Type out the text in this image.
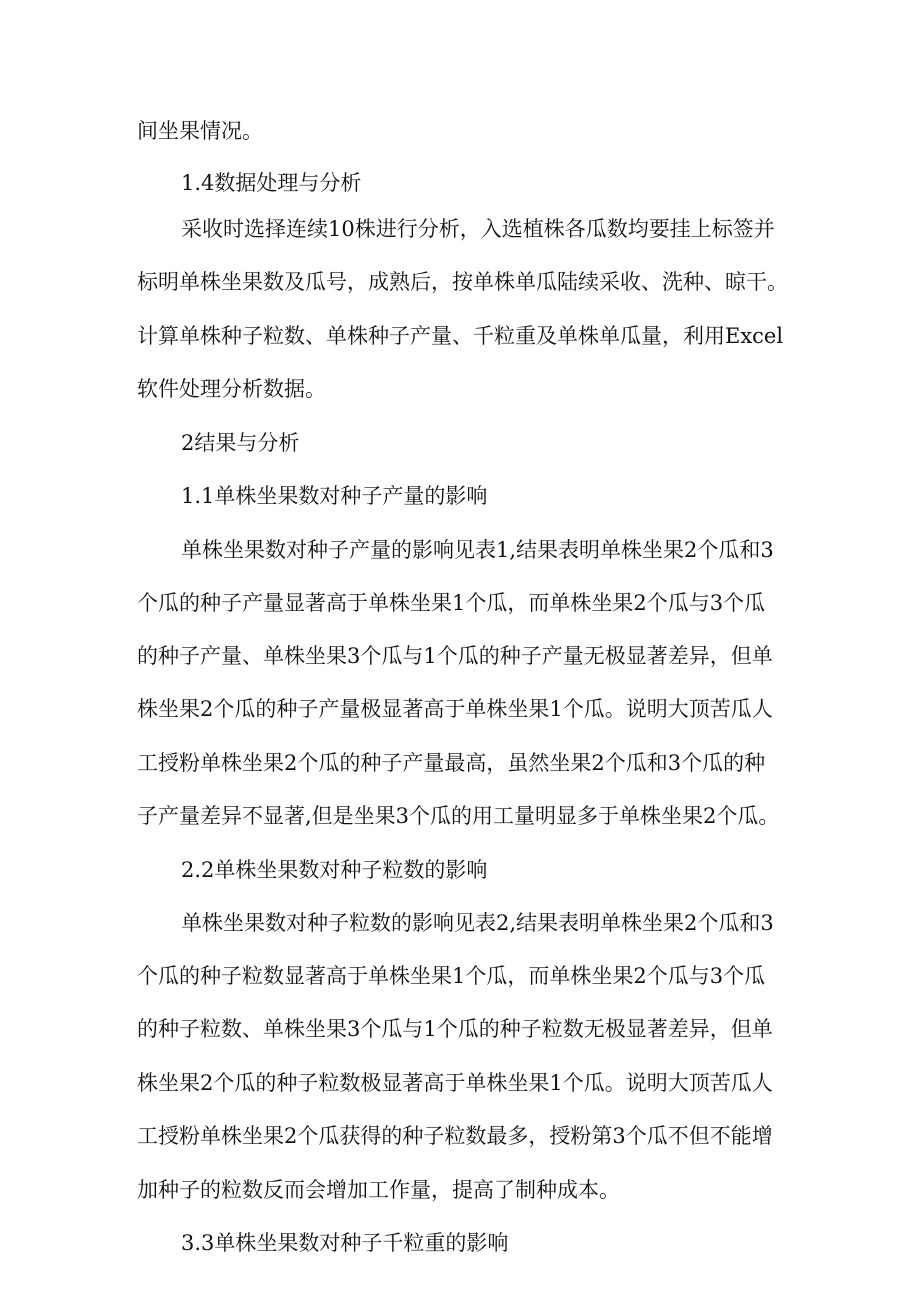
间坐果情况。
1.4数据处理与分析
采收时选择连续10株进行分析，入选植株各瓜数均要挂上标签并
标明单株坐果数及瓜号，成熟后，按单株单瓜陆续采收、洗种、晾干。
计算单株种子粒数、单株种子产量、千粒重及单株单瓜量，利用Excel
软件处理分析数据。
2结果与分析
1.1单株坐果数对种子产量的影响
单株坐果数对种子产量的影响见表1,结果表明单株坐果2个瓜和3
个瓜的种子产量显著高于单株坐果1个瓜，而单株坐果2个瓜与3个瓜
的种子产量、单株坐果3个瓜与1个瓜的种子产量无极显著差异，但单
株坐果2个瓜的种子产量极显著高于单株坐果1个瓜。说明大顶苦瓜人
工授粉单株坐果2个瓜的种子产量最高，虽然坐果2个瓜和3个瓜的种
子产量差异不显著,但是坐果3个瓜的用工量明显多于单株坐果2个瓜。
2.2单株坐果数对种子粒数的影响
单株坐果数对种子粒数的影响见表2,结果表明单株坐果2个瓜和3
个瓜的种子粒数显著高于单株坐果1个瓜，而单株坐果2个瓜与3个瓜
的种子粒数、单株坐果3个瓜与1个瓜的种子粒数无极显著差异，但单
株坐果2个瓜的种子粒数极显著高于单株坐果1个瓜。说明大顶苦瓜人
工授粉单株坐果2个瓜获得的种子粒数最多，授粉第3个瓜不但不能增
加种子的粒数反而会增加工作量，提高了制种成本。
3.3单株坐果数对种子千粒重的影响
